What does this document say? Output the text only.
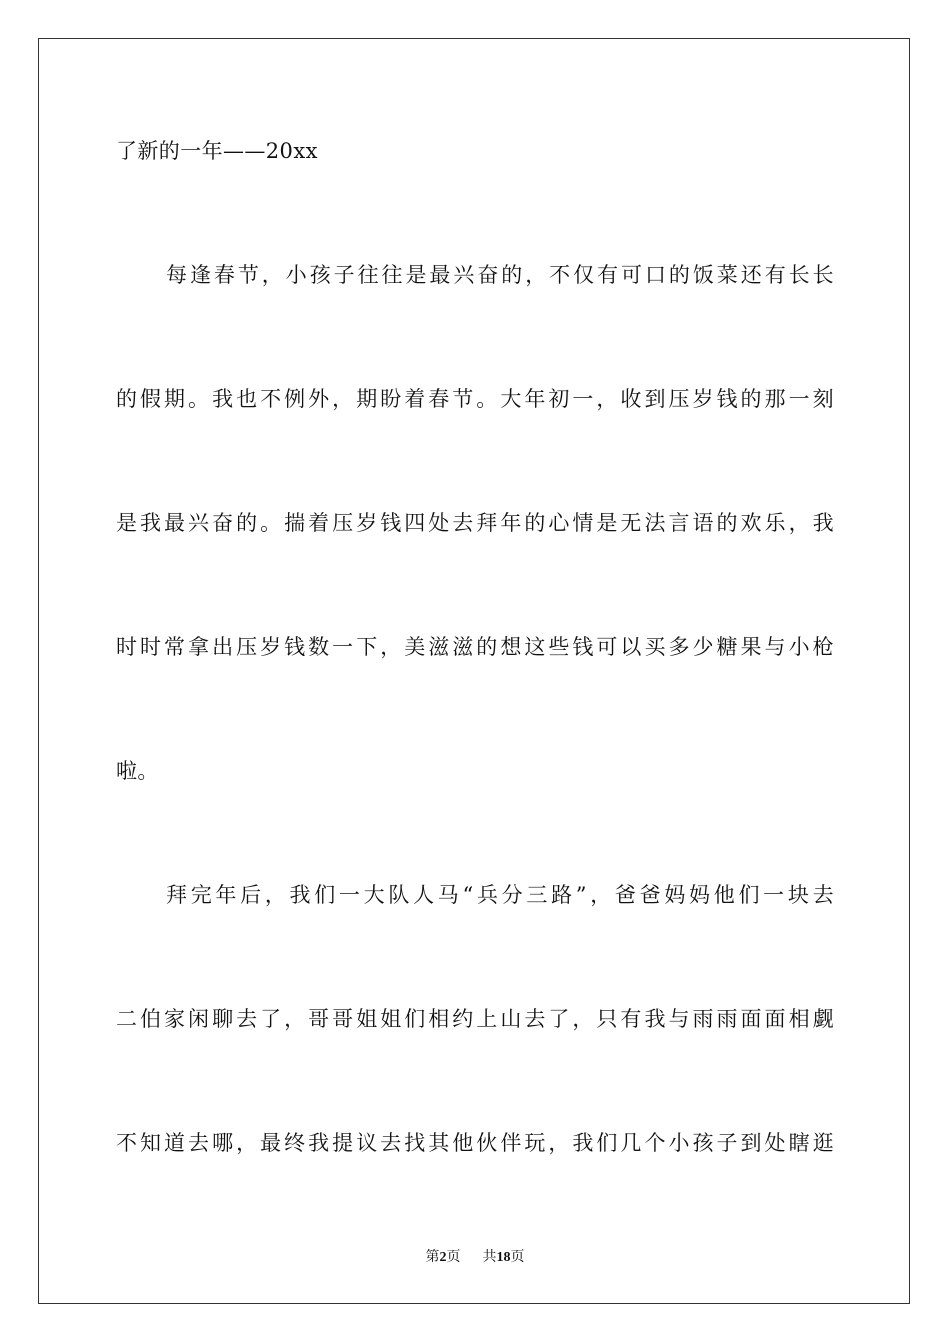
了新的一年——20xx
每逢春节，小孩子往往是最兴奋的，不仅有可口的饭菜还有长长
的假期。我也不例外，期盼着春节。大年初一，收到压岁钱的那一刻
是我最兴奋的。揣着压岁钱四处去拜年的心情是无法言语的欢乐，我
时时常拿出压岁钱数一下，美滋滋的想这些钱可以买多少糖果与小枪
啦。
拜完年后，我们一大队人马“兵分三路”，爸爸妈妈他们一块去
二伯家闲聊去了，哥哥姐姐们相约上山去了，只有我与雨雨面面相觑
不知道去哪，最终我提议去找其他伙伴玩，我们几个小孩子到处瞎逛
第2页 共18页
